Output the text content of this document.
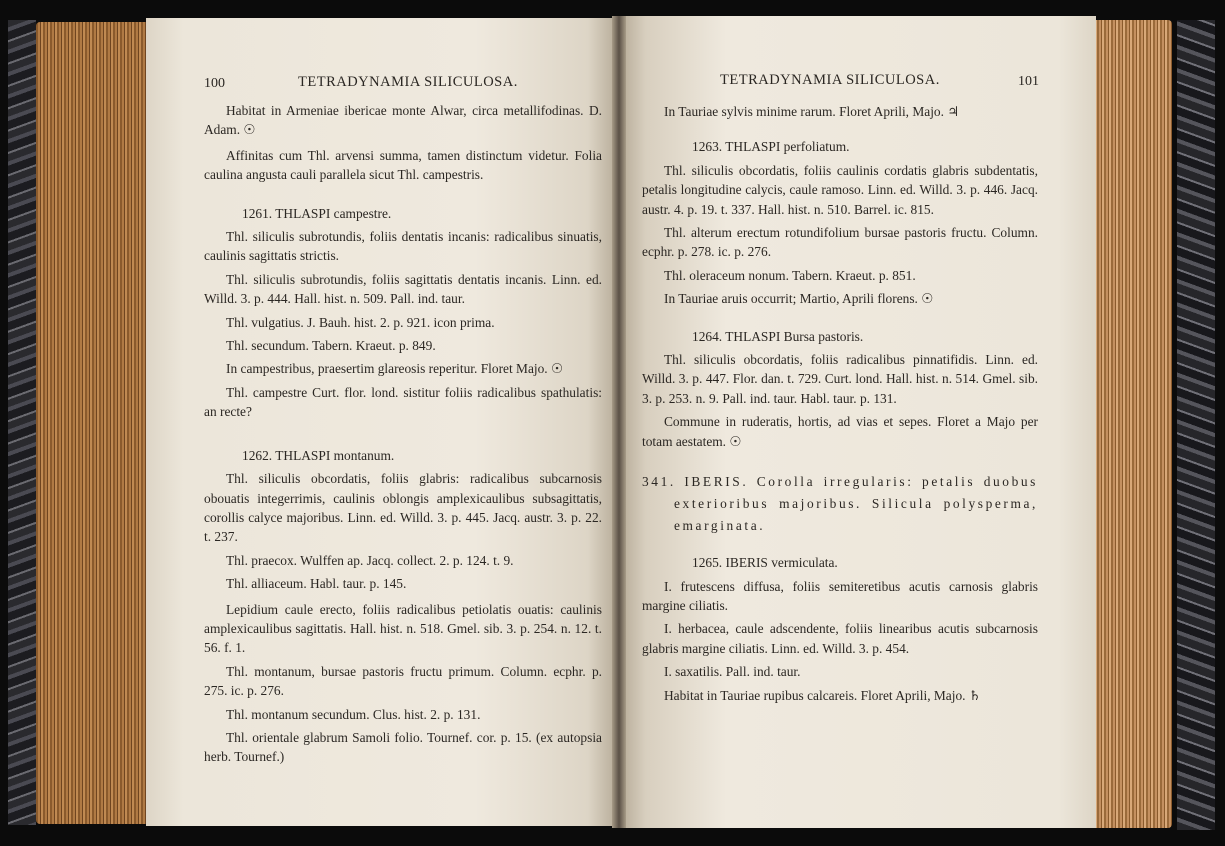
100	TETRADYNAMIA SILICULOSA.

Habitat in Armeniae ibericae monte Alwar, circa metallifodinas. D. Adam. ☉

Affinitas cum Thl. arvensi summa, tamen distinctum videtur. Folia caulina angusta cauli parallela sicut Thl. campestris.

1261. THLASPI campestre.

Thl. siliculis subrotundis, foliis dentatis incanis: radicalibus sinuatis, caulinis sagittatis strictis.

Thl. siliculis subrotundis, foliis sagittatis dentatis incanis. Linn. ed. Willd. 3. p. 444. Hall. hist. n. 509. Pall. ind. taur.

Thl. vulgatius. J. Bauh. hist. 2. p. 921. icon prima.

Thl. secundum. Tabern. Kraeut. p. 849.

In campestribus, praesertim glareosis reperitur. Floret Majo. ☉

Thl. campestre Curt. flor. lond. sistitur foliis radicalibus spathulatis: an recte?

1262. THLASPI montanum.

Thl. siliculis obcordatis, foliis glabris: radicalibus subcarnosis obouatis integerrimis, caulinis oblongis amplexicaulibus subsagittatis, corollis calyce majoribus. Linn. ed. Willd. 3. p. 445. Jacq. austr. 3. p. 22. t. 237.

Thl. praecox. Wulffen ap. Jacq. collect. 2. p. 124. t. 9.

Thl. alliaceum. Habl. taur. p. 145.

Lepidium caule erecto, foliis radicalibus petiolatis ouatis: caulinis amplexicaulibus sagittatis. Hall. hist. n. 518. Gmel. sib. 3. p. 254. n. 12. t. 56. f. 1.

Thl. montanum, bursae pastoris fructu primum. Column. ecphr. p. 275. ic. p. 276.

Thl. montanum secundum. Clus. hist. 2. p. 131.

Thl. orientale glabrum Samoli folio. Tournef. cor. p. 15. (ex autopsia herb. Tournef.)

TETRADYNAMIA SILICULOSA.	101

In Tauriae sylvis minime rarum. Floret Aprili, Majo. ♃

1263. THLASPI perfoliatum.

Thl. siliculis obcordatis, foliis caulinis cordatis glabris subdentatis, petalis longitudine calycis, caule ramoso. Linn. ed. Willd. 3. p. 446. Jacq. austr. 4. p. 19. t. 337. Hall. hist. n. 510. Barrel. ic. 815.

Thl. alterum erectum rotundifolium bursae pastoris fructu. Column. ecphr. p. 278. ic. p. 276.

Thl. oleraceum nonum. Tabern. Kraeut. p. 851.

In Tauriae aruis occurrit; Martio, Aprili florens. ☉

1264. THLASPI Bursa pastoris.

Thl. siliculis obcordatis, foliis radicalibus pinnatifidis. Linn. ed. Willd. 3. p. 447. Flor. dan. t. 729. Curt. lond. Hall. hist. n. 514. Gmel. sib. 3. p. 253. n. 9. Pall. ind. taur. Habl. taur. p. 131.

Commune in ruderatis, hortis, ad vias et sepes. Floret a Majo per totam aestatem. ☉

341. IBERIS. Corolla irregularis: petalis duobus exterioribus majoribus. Silicula polysperma, emarginata.

1265. IBERIS vermiculata.

I. frutescens diffusa, foliis semiteretibus acutis carnosis glabris margine ciliatis.

I. herbacea, caule adscendente, foliis linearibus acutis subcarnosis glabris margine ciliatis. Linn. ed. Willd. 3. p. 454.

I. saxatilis. Pall. ind. taur.

Habitat in Tauriae rupibus calcareis. Floret Aprili, Majo. ♄
